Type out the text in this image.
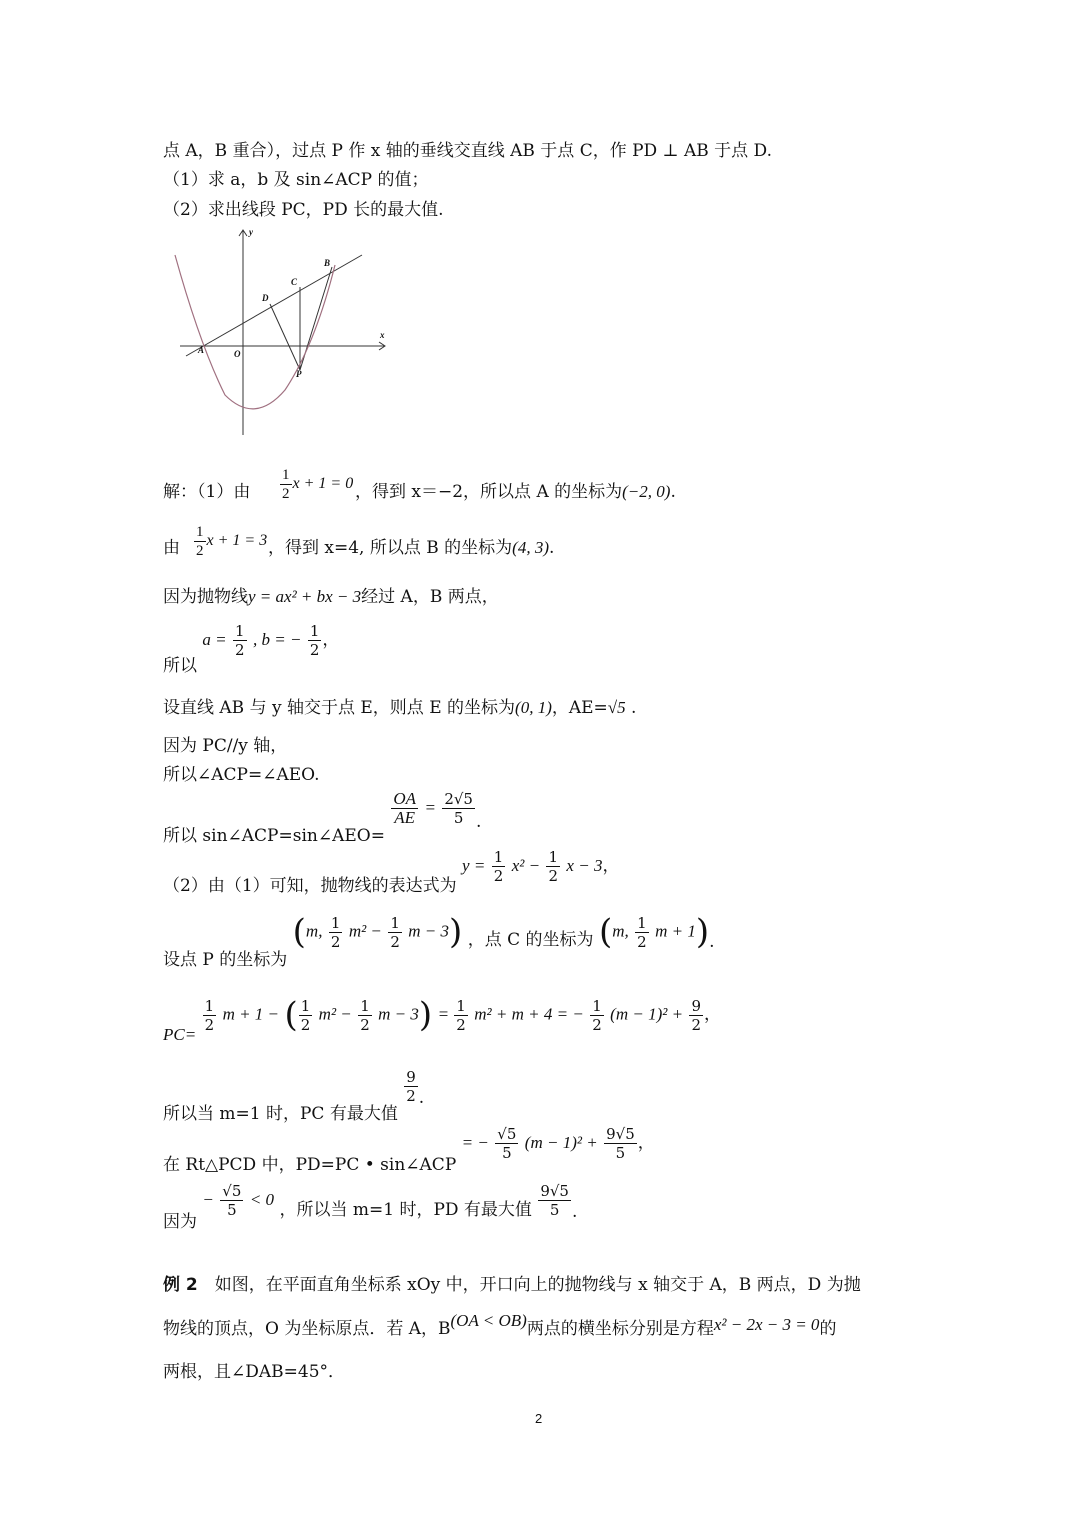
点 A，B 重合），过点 P 作 x 轴的垂线交直线 AB 于点 C，作 PD ⊥ AB 于点 D.
（1）求 a，b 及 sin∠ACP 的值；
（2）求出线段 PC，PD 长的最大值.
y
x
A	O
B
C
D
P
解：（1）由

$\frac{1}{2}$ x + 1 = 0 ，得到 x＝−2，所以点 A 的坐标为(−2, 0).
由

$\frac{1}{2}$ x + 1 = 3 ，得到 x=4, 所以点 B 的坐标为(4, 3).
因为抛物线y = ax² + bx − 3经过 A，B 两点，
所以 $a = \frac{1}{2}$ , b = − $\frac{1}{2}$ ，
设直线 AB 与 y 轴交于点 E，则点 E 的坐标为(0, 1)，AE=√5 .
因为 PC//y 轴，
所以∠ACP=∠AEO.
所以 sin∠ACP=sin∠AEO=
$\frac{OA}{AE} = \frac{2√5}{5}$ .
（2）由（1）可知，抛物线的表达式为 $y = \frac{1}{2} x^2 - \frac{1}{2}$ x − 3，
设点 P 的坐标为 (m, $\frac{1}{2} m^2 - \frac{1}{2}$ m − 3) ，点 C 的坐标为 (m, $\frac{1}{2}$ m + 1).
PC=
$\frac{1}{2}$ m + 1 − ( $\frac{1}{2} m^2 - \frac{1}{2}$ $m - 3) = \frac{1}{2} m^2 + m + 4$ = − $\frac{1}{2} (m - 1)^2 + \frac{9}{2}$ ，
所以当 m=1 时，PC 有最大值
$\frac{9}{2}$ .
在 Rt△PCD 中，PD=PC • sin∠ACP = − $\frac{√5}{5} (m - 1)^2 + \frac{9√5}{5}$ ，
因为 − $\frac{√5}{5} < 0$ ，所以当 m=1 时，PD 有最大值 $\frac{9√5}{5}$ .
例 2　如图，在平面直角坐标系 xOy 中，开口向上的抛物线与 x 轴交于 A，B 两点，D 为抛
物线的顶点，O 为坐标原点．若 A，B(OA < OB)两点的横坐标分别是方程x² − 2x − 3 = 0的
两根，且∠DAB=45°．
2
